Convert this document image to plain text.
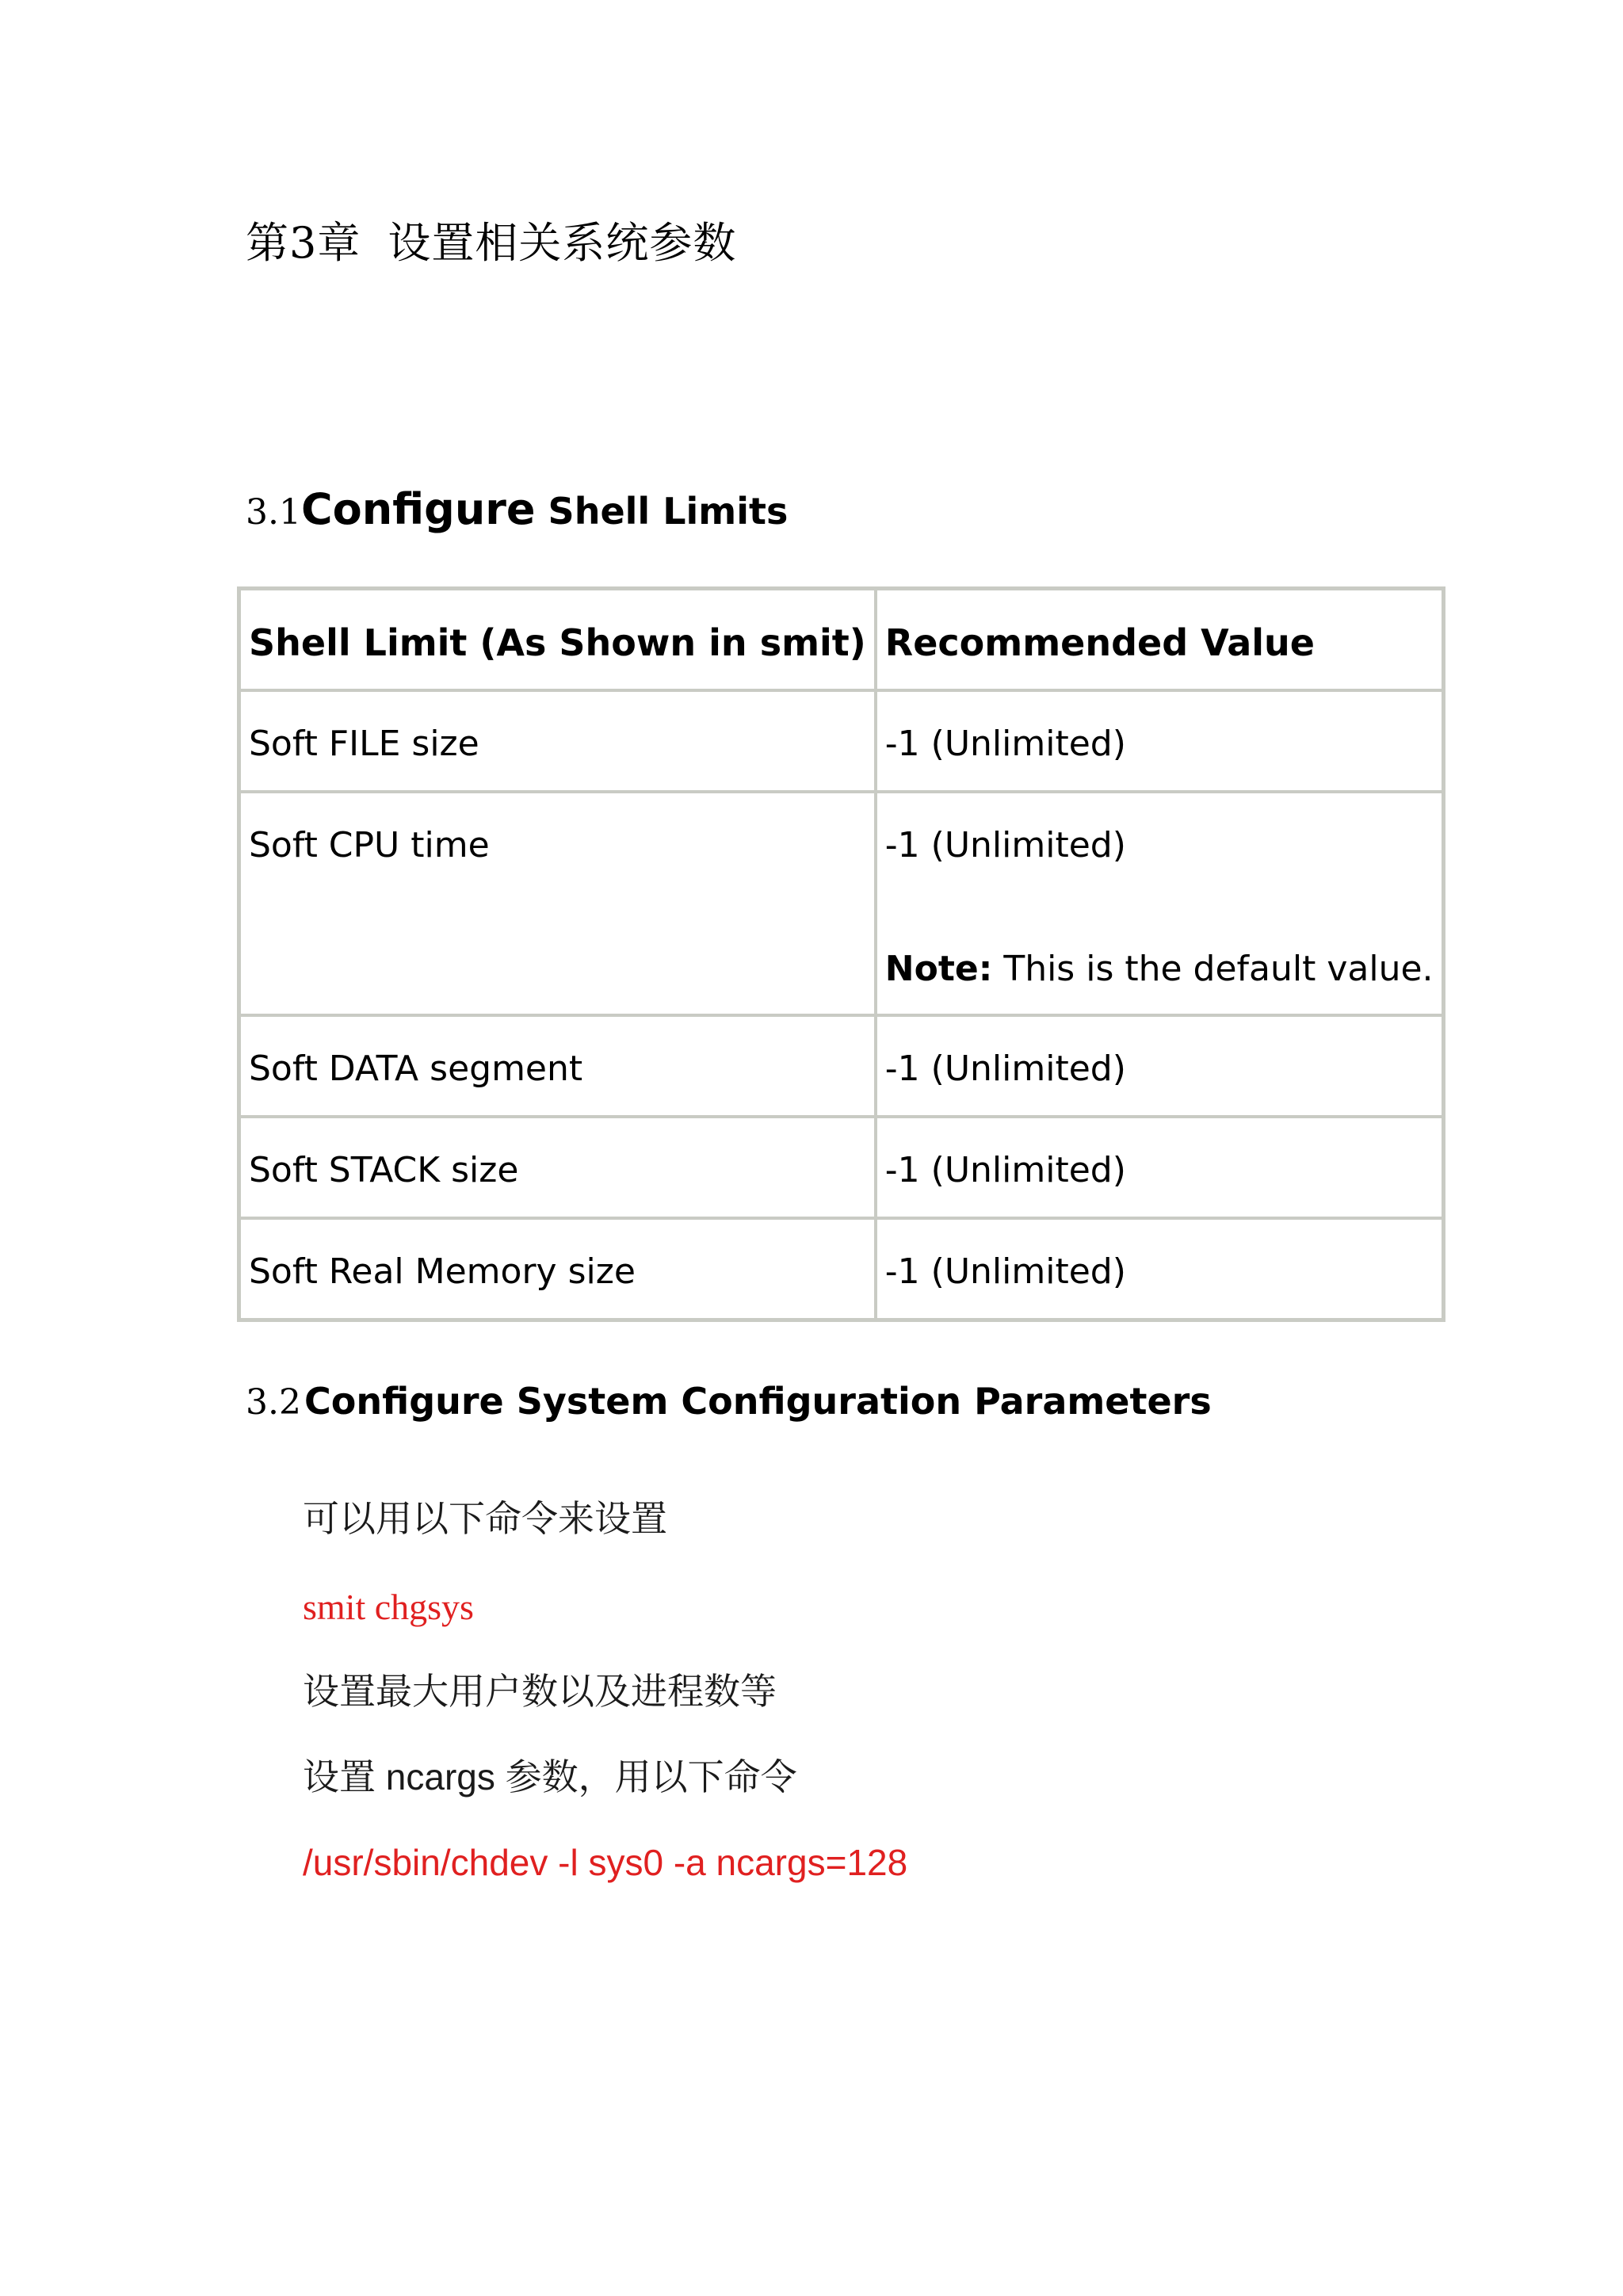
第3章 设置相关系统参数
3.1Configure Shell Limits
Shell Limit (As Shown in smit)	Recommended Value

Soft FILE size	-1 (Unlimited)

Soft CPU time	-1 (Unlimited)
Note: This is the default value.

Soft DATA segment	-1 (Unlimited)

Soft STACK size	-1 (Unlimited)

Soft Real Memory size	-1 (Unlimited)
3.2 Configure System Configuration Parameters
可以用以下命令来设置
smit chgsys
设置最大用户数以及进程数等
设置 ncargs 参数，用以下命令
/usr/sbin/chdev -l sys0 -a ncargs=128
